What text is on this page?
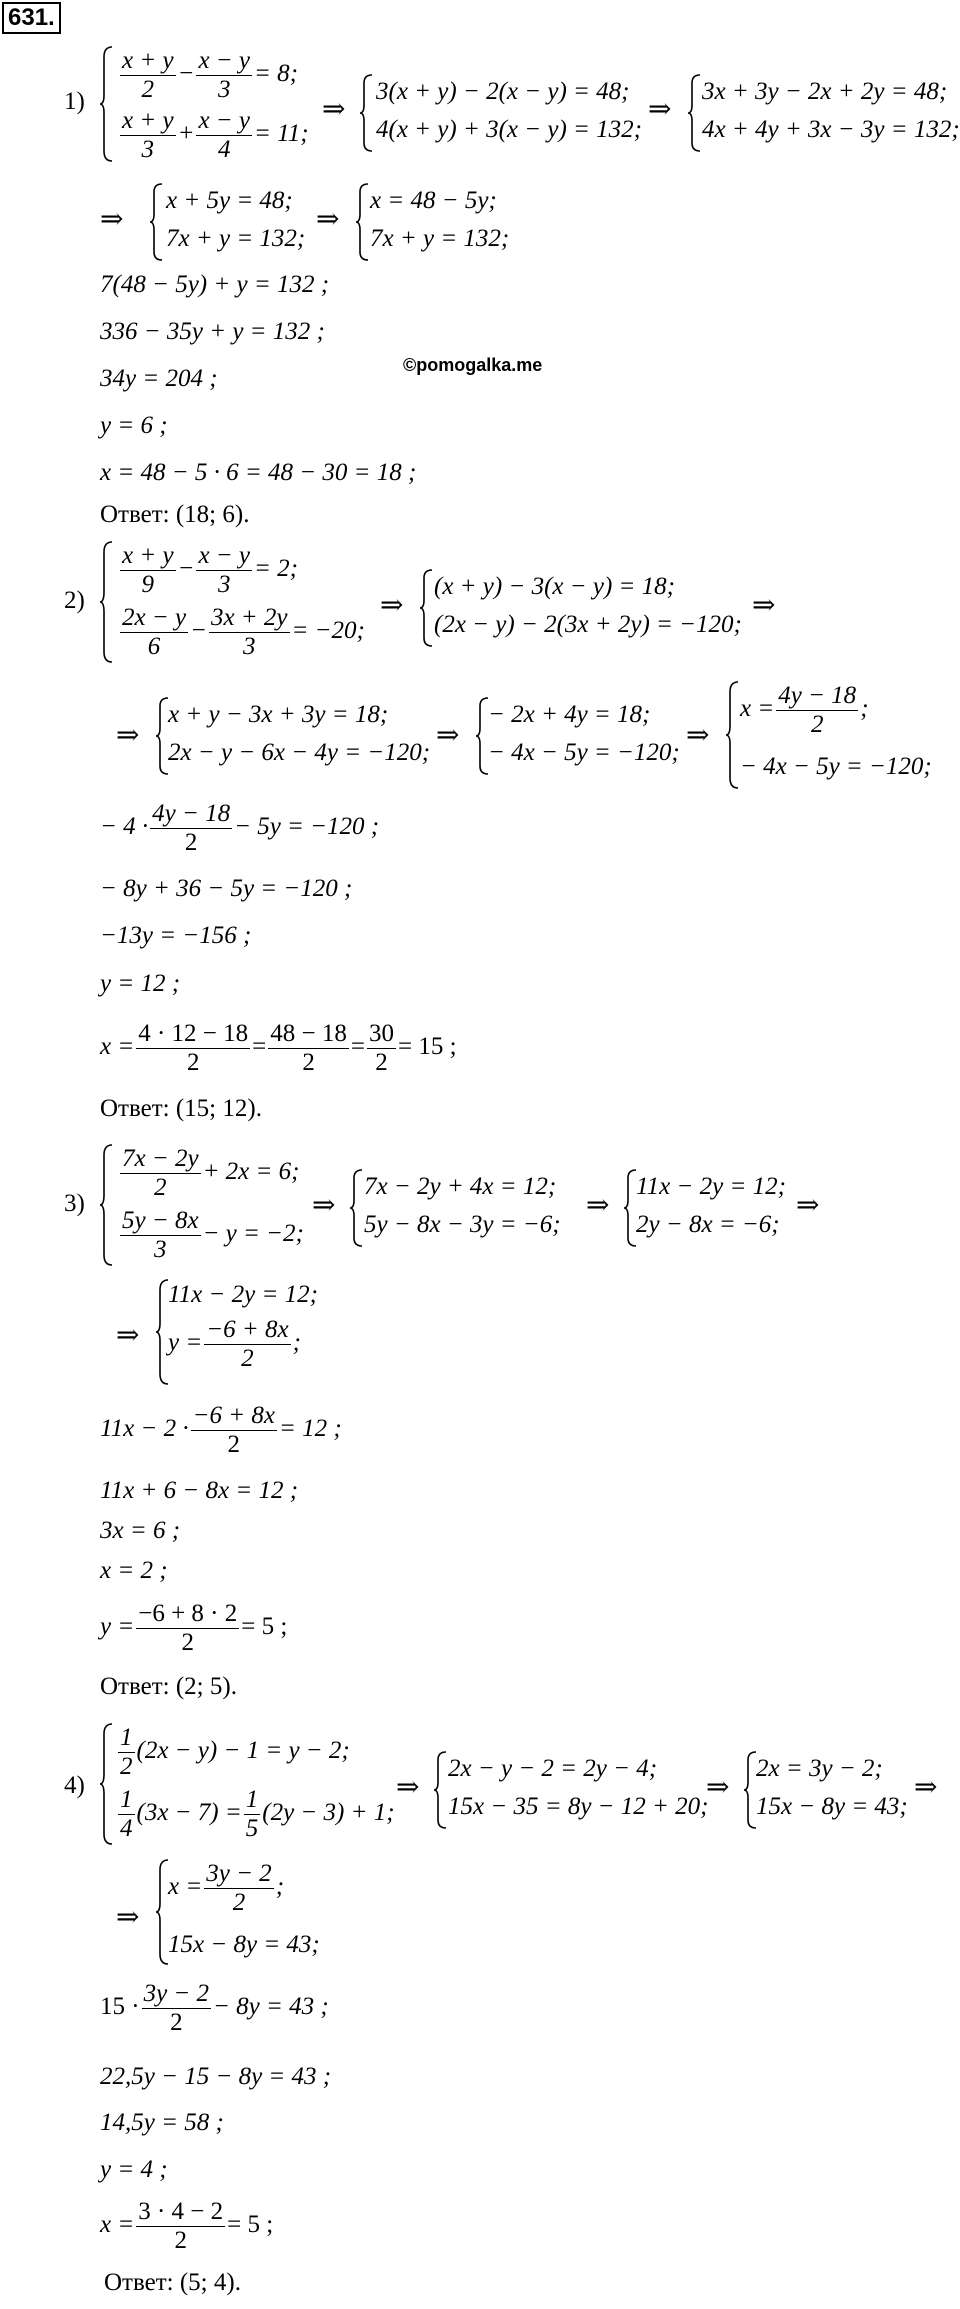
631.
©pomogalka.me
$1) \frac{x + y}{2} - \frac{x - y}{3} = 8$;
$\frac{x + y}{3} + \frac{x - y}{4} = 11$;
⇒
3(x + y) − 2(x − y) = 48;
4(x + y) + 3(x − y) = 132;
⇒
3x + 3y − 2x + 2y = 48;
4x + 4y + 3x − 3y = 132;
⇒
x + 5y = 48;
7x + y = 132;
⇒
x = 48 − 5y;
7x + y = 132;
7(48 − 5y) + y = 132 ;
336 − 35y + y = 132 ;
34y = 204 ;
y = 6 ;
x = 48 − 5 · 6 = 48 − 30 = 18 ;
Ответ: (18; 6).
2)
$\frac{x + y}{9} - \frac{x - y}{3} = 2$;
$\frac{2x - y}{6} - \frac{3x + 2y}{3} = -20$;
⇒
(x + y) − 3(x − y) = 18;
(2x − y) − 2(3x + 2y) = −120;
⇒
⇒
x + y − 3x + 3y = 18;
2x − y − 6x − 4y = −120;
⇒
− 2x + 4y = 18;
− 4x − 5y = −120;
⇒
$x = \frac{4y - 18}{2}$ ;
− 4x − 5y = −120;
− $4 \cdot \frac{4y - 18}{2} - 5y = -120$ ;
− 8y + 36 − 5y = −120 ;
−13y = −156 ;
y = 12 ;
$x = \frac{4 \cdot 12 - 18}{2} = \frac{48 - 18}{2} = \frac{30}{2} = 15$ ;
Ответ: (15; 12).
3)
$\frac{7x - 2y}{2} + 2x = 6$;
$\frac{5y - 8x}{3} - y = -2$;
⇒
7x − 2y + 4x = 12;
5y − 8x − 3y = −6;
⇒
11x − 2y = 12;
2y − 8x = −6;
⇒
⇒
11x − 2y = 12;
$y = \frac{-6 + 8x}{2}$ ;
$11x - 2 \cdot \frac{-6 + 8x}{2} = 12$ ;
11x + 6 − 8x = 12 ;
3x = 6 ;
x = 2 ;
$y = \frac{-6 + 8 \cdot 2}{2} = 5$ ;
Ответ: (2; 5).
4)
$\frac{1}{2} (2x - y) - 1 = y - 2$;
$\frac{1}{4} (3x - 7) = \frac{1}{5} (2y - 3) + 1$;
⇒
2x − y − 2 = 2y − 4;
15x − 35 = 8y − 12 + 20;
⇒
2x = 3y − 2;
15x − 8y = 43;
⇒
⇒
$x = \frac{3y - 2}{2}$ ;
15x − 8y = 43;
$15 \cdot \frac{3y - 2}{2} - 8y = 43$ ;
22,5y − 15 − 8y = 43 ;
14,5y = 58 ;
y = 4 ;
$x = \frac{3 \cdot 4 - 2}{2} = 5$ ;
Ответ: (5; 4).
